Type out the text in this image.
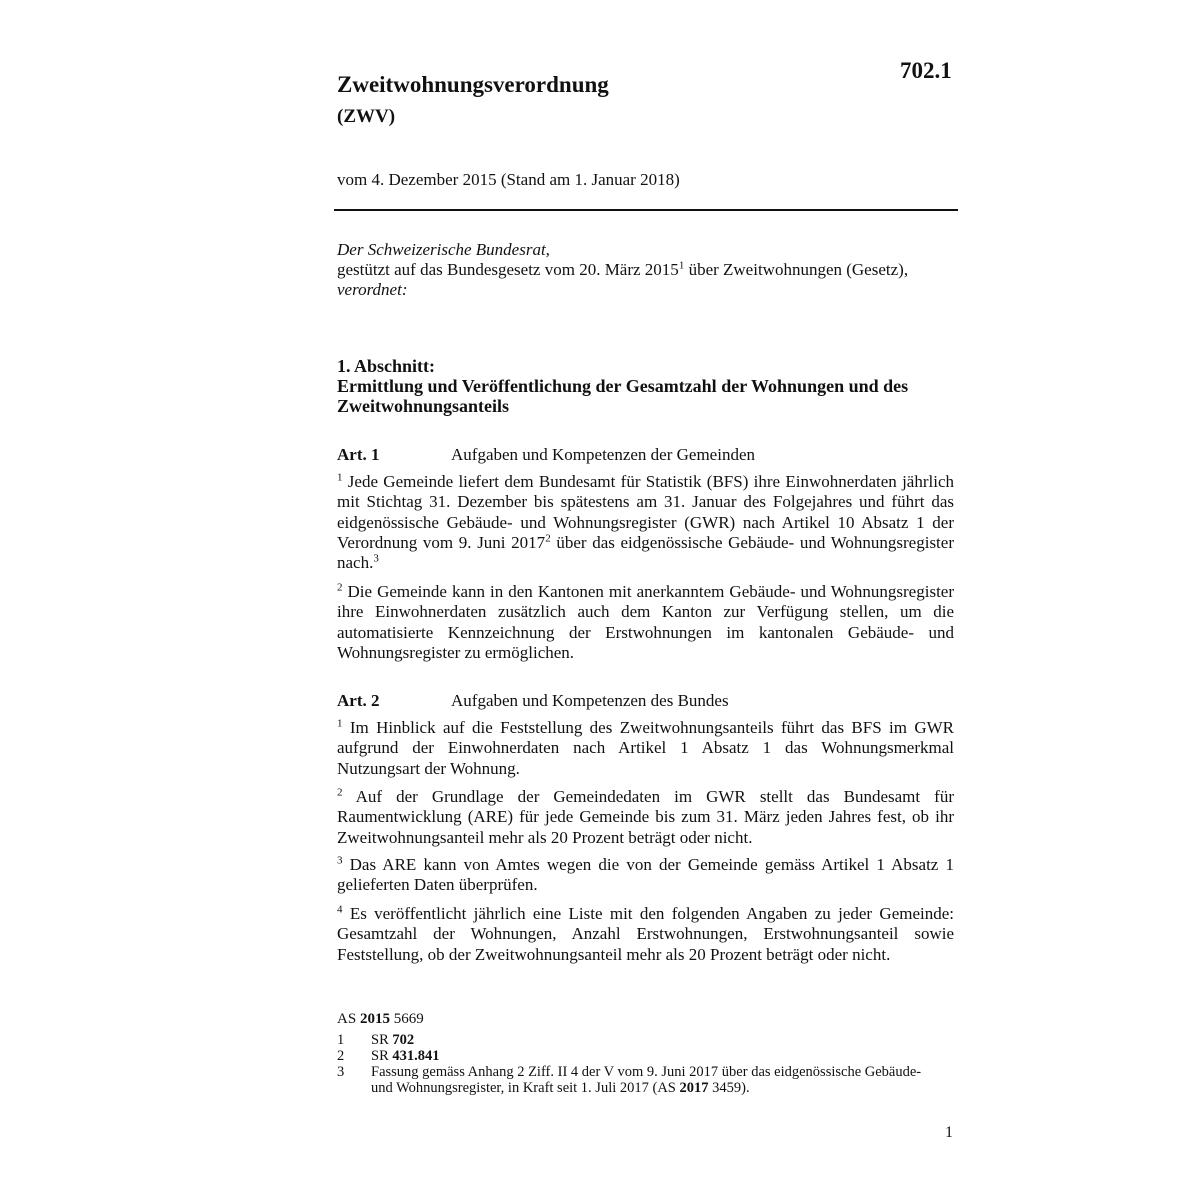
702.1
Zweitwohnungsverordnung
(ZWV)
vom 4. Dezember 2015 (Stand am 1. Januar 2018)
Der Schweizerische Bundesrat,
gestützt auf das Bundesgesetz vom 20. März 2015$^1$ über Zweitwohnungen (Gesetz),
verordnet:
1. Abschnitt:
Ermittlung und Veröffentlichung der Gesamtzahl der Wohnungen und des Zweitwohnungsanteils
Art. 1	Aufgaben und Kompetenzen der Gemeinden
$^1$ Jede Gemeinde liefert dem Bundesamt für Statistik (BFS) ihre Einwohnerdaten jährlich mit Stichtag 31. Dezember bis spätestens am 31. Januar des Folgejahres und führt das eidgenössische Gebäude- und Wohnungsregister (GWR) nach Artikel 10 Absatz 1 der Verordnung vom 9. Juni 2017$^2$ über das eidgenössische Gebäude- und Wohnungsregister nach.$^3$
$^2$ Die Gemeinde kann in den Kantonen mit anerkanntem Gebäude- und Wohnungsregister ihre Einwohnerdaten zusätzlich auch dem Kanton zur Verfügung stellen, um die automatisierte Kennzeichnung der Erstwohnungen im kantonalen Gebäude- und Wohnungsregister zu ermöglichen.
Art. 2	Aufgaben und Kompetenzen des Bundes
$^1$ Im Hinblick auf die Feststellung des Zweitwohnungsanteils führt das BFS im GWR aufgrund der Einwohnerdaten nach Artikel 1 Absatz 1 das Wohnungsmerkmal Nutzungsart der Wohnung.
$^2$ Auf der Grundlage der Gemeindedaten im GWR stellt das Bundesamt für Raumentwicklung (ARE) für jede Gemeinde bis zum 31. März jeden Jahres fest, ob ihr Zweitwohnungsanteil mehr als 20 Prozent beträgt oder nicht.
$^3$ Das ARE kann von Amtes wegen die von der Gemeinde gemäss Artikel 1 Absatz 1 gelieferten Daten überprüfen.
$^4$ Es veröffentlicht jährlich eine Liste mit den folgenden Angaben zu jeder Gemeinde: Gesamtzahl der Wohnungen, Anzahl Erstwohnungen, Erstwohnungsanteil sowie Feststellung, ob der Zweitwohnungsanteil mehr als 20 Prozent beträgt oder nicht.
AS 2015 5669
1	SR 702
2	SR 431.841
3	Fassung gemäss Anhang 2 Ziff. II 4 der V vom 9. Juni 2017 über das eidgenössische Gebäude- und Wohnungsregister, in Kraft seit 1. Juli 2017 (AS 2017 3459).
1
